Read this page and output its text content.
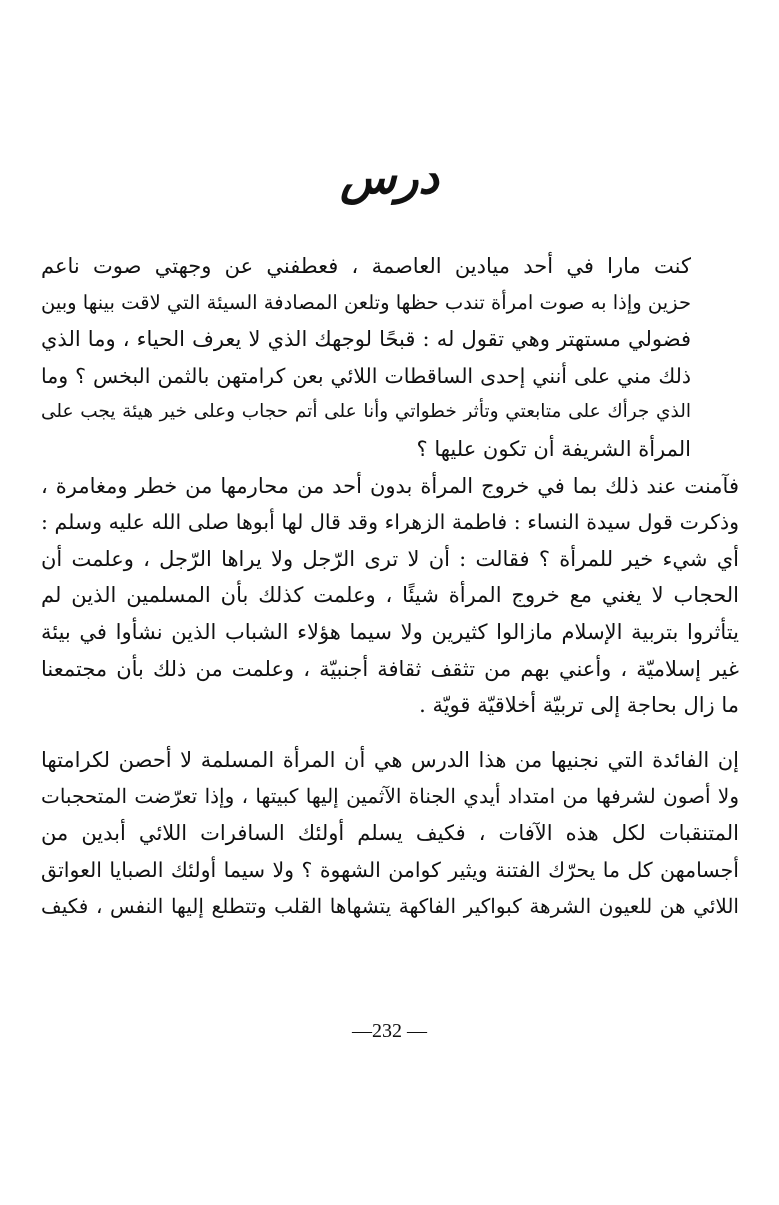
درس

كنت مارا في أحد ميادين العاصمة ، فعطفني عن وجهتي صوت ناعم
حزين وإذا به صوت امرأة تندب حظها وتلعن المصادفة السيئة التي لاقت بينها وبين
فضولي مستهتر وهي تقول له : قبحًا لوجهك الذي لا يعرف الحياء ، وما الذي
ذلك مني على أنني إحدى الساقطات اللائي بعن كرامتهن بالثمن البخس ؟ وما
الذي جرأك على متابعتي وتأثر خطواتي وأنا على أتم حجاب وعلى خير هيئة يجب على
المرأة الشريفة أن تكون عليها ؟

فآمنت عند ذلك بما في خروج المرأة بدون أحد من محارمها من خطر ومغامرة ،
وذكرت قول سيدة النساء : فاطمة الزهراء وقد قال لها أبوها صلى الله عليه وسلم :
أي شيء خير للمرأة ؟ فقالت : أن لا ترى الرّجل ولا يراها الرّجل ، وعلمت أن
الحجاب لا يغني مع خروج المرأة شيئًا ، وعلمت كذلك بأن المسلمين الذين لم
يتأثروا بتربية الإسلام مازالوا كثيرين ولا سيما هؤلاء الشباب الذين نشأوا في بيئة
غير إسلاميّة ، وأعني بهم من تثقف ثقافة أجنبيّة ، وعلمت من ذلك بأن مجتمعنا
ما زال بحاجة إلى تربيّة أخلاقيّة قويّة .

إن الفائدة التي نجنيها من هذا الدرس هي أن المرأة المسلمة لا أحصن لكرامتها
ولا أصون لشرفها من امتداد أيدي الجناة الآثمين إليها كبيتها ، وإذا تعرّضت المتحجبات
المتنقبات لكل هذه الآفات ، فكيف يسلم أولئك السافرات اللائي أبدين من
أجسامهن كل ما يحرّك الفتنة ويثير كوامن الشهوة ؟ ولا سيما أولئك الصبايا العواتق
اللائي هن للعيون الشرهة كبواكير الفاكهة يتشهاها القلب وتتطلع إليها النفس ، فكيف

—232 —
